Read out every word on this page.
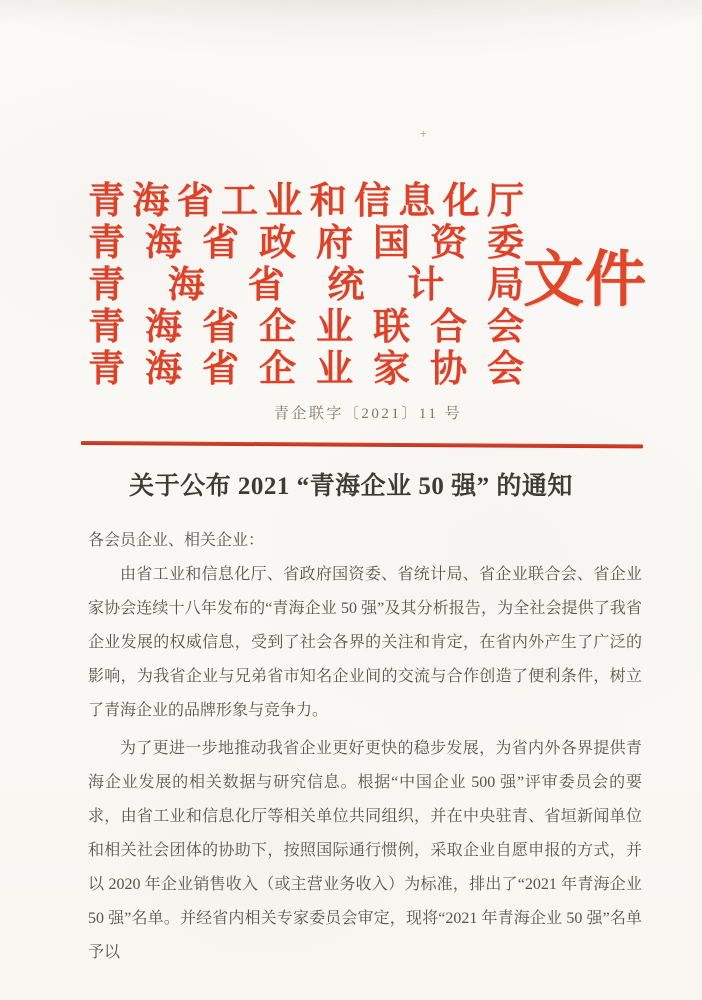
+
青 海 省 工 业 和 信 息 化 厅
青 海 省 政 府 国 资 委
青 海 省 统 计 局
青 海 省 企 业 联 合 会
青 海 省 企 业 家 协 会
文件
青企联字〔2021〕11 号
关于公布 2021 “青海企业 50 强” 的通知

各会员企业、相关企业：

由省工业和信息化厅、省政府国资委、省统计局、省企业联合会、省企业家协会连续十八年发布的“青海企业 50 强”及其分析报告，为全社会提供了我省企业发展的权威信息，受到了社会各界的关注和肯定，在省内外产生了广泛的影响，为我省企业与兄弟省市知名企业间的交流与合作创造了便利条件，树立了青海企业的品牌形象与竞争力。

为了更进一步地推动我省企业更好更快的稳步发展，为省内外各界提供青海企业发展的相关数据与研究信息。根据“中国企业 500 强”评审委员会的要求，由省工业和信息化厅等相关单位共同组织，并在中央驻青、省垣新闻单位和相关社会团体的协助下，按照国际通行惯例，采取企业自愿申报的方式，并以 2020 年企业销售收入（或主营业务收入）为标准，排出了“2021 年青海企业 50 强”名单。并经省内相关专家委员会审定，现将“2021 年青海企业 50 强”名单予以
